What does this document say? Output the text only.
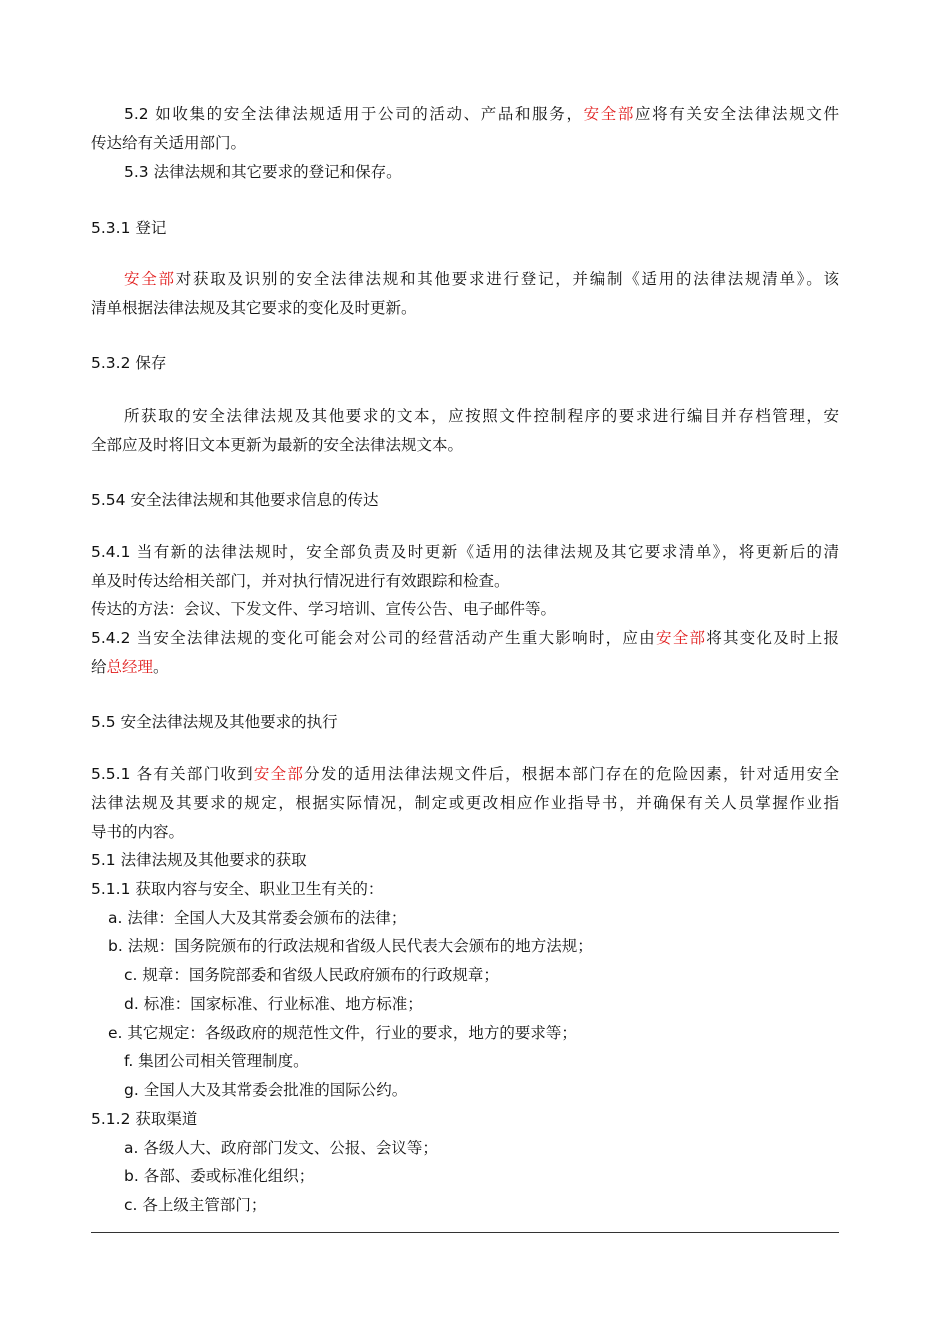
5.2 如收集的安全法律法规适用于公司的活动、产品和服务，安全部应将有关安全法律法规文件
传达给有关适用部门。
5.3 法律法规和其它要求的登记和保存。
5.3.1 登记
安全部对获取及识别的安全法律法规和其他要求进行登记，并编制《适用的法律法规清单》。该
清单根据法律法规及其它要求的变化及时更新。
5.3.2 保存
所获取的安全法律法规及其他要求的文本，应按照文件控制程序的要求进行编目并存档管理，安
全部应及时将旧文本更新为最新的安全法律法规文本。
5.54 安全法律法规和其他要求信息的传达
5.4.1 当有新的法律法规时，安全部负责及时更新《适用的法律法规及其它要求清单》，将更新后的清
单及时传达给相关部门，并对执行情况进行有效跟踪和检查。
传达的方法：会议、下发文件、学习培训、宣传公告、电子邮件等。
5.4.2 当安全法律法规的变化可能会对公司的经营活动产生重大影响时，应由安全部将其变化及时上报
给总经理。
5.5 安全法律法规及其他要求的执行
5.5.1 各有关部门收到安全部分发的适用法律法规文件后，根据本部门存在的危险因素，针对适用安全
法律法规及其要求的规定，根据实际情况，制定或更改相应作业指导书，并确保有关人员掌握作业指
导书的内容。
5.1 法律法规及其他要求的获取
5.1.1 获取内容与安全、职业卫生有关的：
a. 法律：全国人大及其常委会颁布的法律；
b. 法规：国务院颁布的行政法规和省级人民代表大会颁布的地方法规；
c. 规章：国务院部委和省级人民政府颁布的行政规章；
d. 标准：国家标准、行业标准、地方标准；
e. 其它规定：各级政府的规范性文件，行业的要求，地方的要求等；
f. 集团公司相关管理制度。
g. 全国人大及其常委会批准的国际公约。
5.1.2 获取渠道
a. 各级人大、政府部门发文、公报、会议等；
b. 各部、委或标准化组织；
c. 各上级主管部门；
